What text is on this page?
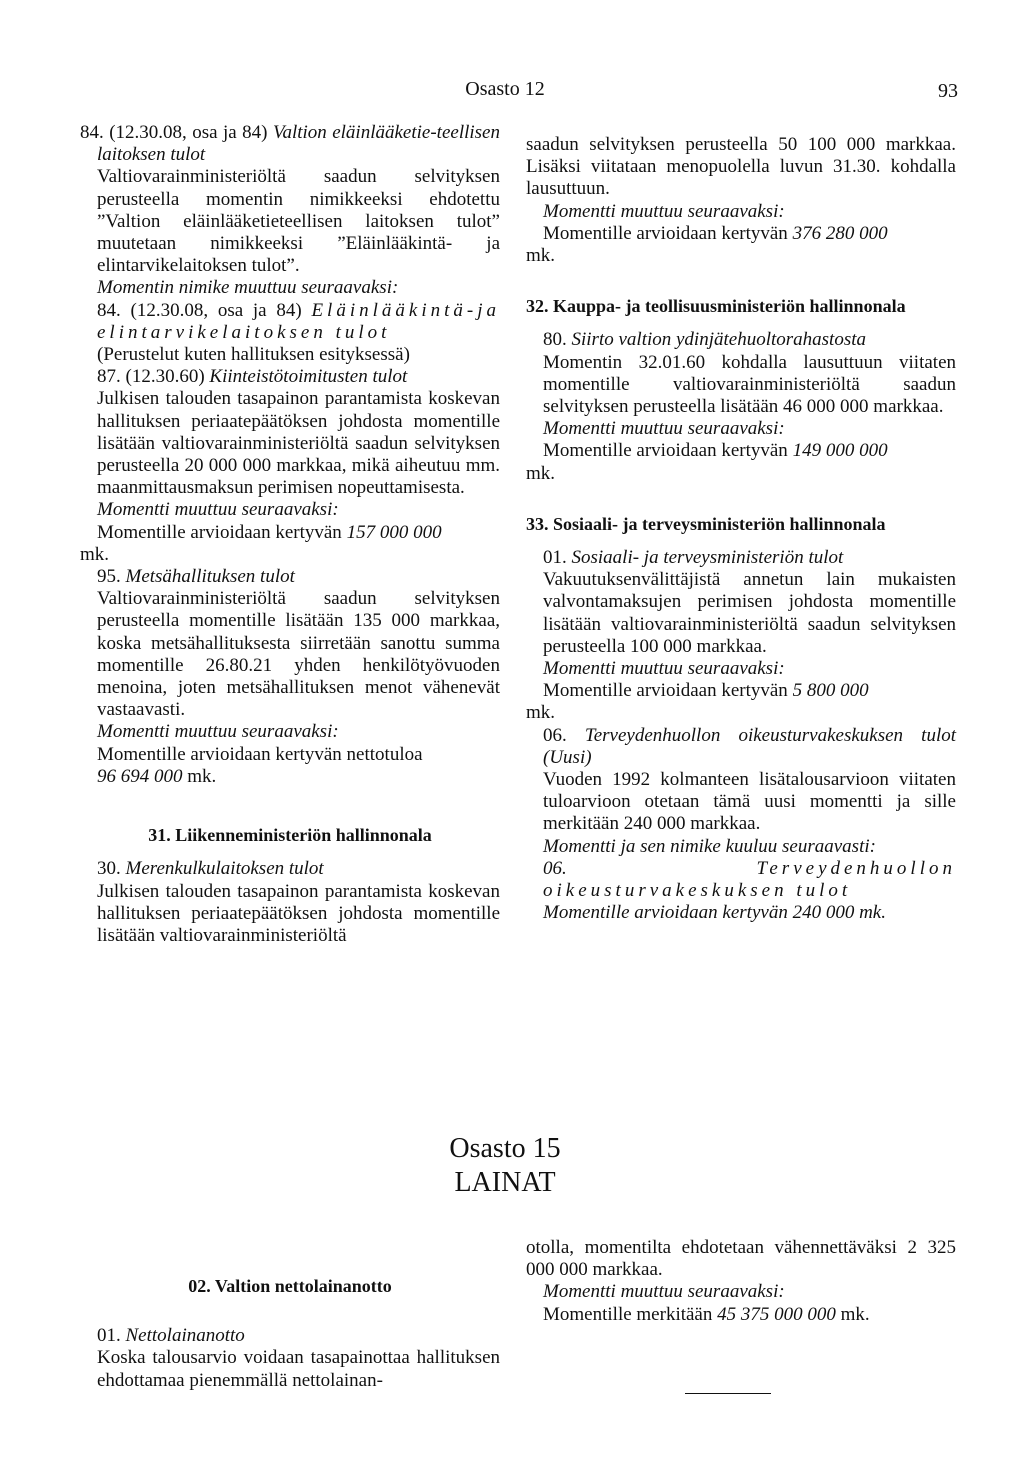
Osasto 12	93

84. (12.30.08, osa ja 84) Valtion eläinlääketie-teellisen laitoksen tulot

Valtiovarainministeriöltä saadun selvityksen perusteella momentin nimikkeeksi ehdotettu ”Valtion eläinlääketieteellisen laitoksen tulot” muutetaan nimikkeeksi ”Eläinlääkintä- ja elintarvikelaitoksen tulot”.

Momentin nimike muuttuu seuraavaksi:

84. (12.30.08, osa ja 84) Eläinlääkintä-ja elintarvikelaitoksen tulot

(Perustelut kuten hallituksen esityksessä)

87. (12.30.60) Kiinteistötoimitusten tulot

Julkisen talouden tasapainon parantamista koskevan hallituksen periaatepäätöksen johdosta momentille lisätään valtiovarainministeriöltä saadun selvityksen perusteella 20 000 000 markkaa, mikä aiheutuu mm. maanmittausmaksun perimisen nopeuttamisesta.

Momentti muuttuu seuraavaksi:

Momentille arvioidaan kertyvän 157 000 000

mk.

95. Metsähallituksen tulot

Valtiovarainministeriöltä saadun selvityksen perusteella momentille lisätään 135 000 markkaa, koska metsähallituksesta siirretään sanottu summa momentille 26.80.21 yhden henkilötyövuoden menoina, joten metsähallituksen menot vähenevät vastaavasti.

Momentti muuttuu seuraavaksi:

Momentille arvioidaan kertyvän nettotuloa

96 694 000 mk.

31. Liikenneministeriön hallinnonala

30. Merenkulkulaitoksen tulot

Julkisen talouden tasapainon parantamista koskevan hallituksen periaatepäätöksen johdosta momentille lisätään valtiovarainministeriöltä

saadun selvityksen perusteella 50 100 000 markkaa. Lisäksi viitataan menopuolella luvun 31.30. kohdalla lausuttuun.

Momentti muuttuu seuraavaksi:

Momentille arvioidaan kertyvän 376 280 000

mk.

32. Kauppa- ja teollisuusministeriön hallinnonala

80. Siirto valtion ydinjätehuoltorahastosta

Momentin 32.01.60 kohdalla lausuttuun viitaten momentille valtiovarainministeriöltä saadun selvityksen perusteella lisätään 46 000 000 markkaa.

Momentti muuttuu seuraavaksi:

Momentille arvioidaan kertyvän 149 000 000

mk.

33. Sosiaali- ja terveysministeriön hallinnonala

01. Sosiaali- ja terveysministeriön tulot

Vakuutuksenvälittäjistä annetun lain mukaisten valvontamaksujen perimisen johdosta momentille lisätään valtiovarainministeriöltä saadun selvityksen perusteella 100 000 markkaa.

Momentti muuttuu seuraavaksi:

Momentille arvioidaan kertyvän 5 800 000

mk.

06. Terveydenhuollon oikeusturvakeskuksen tulot (Uusi)

Vuoden 1992 kolmanteen lisätalousarvioon viitaten tuloarvioon otetaan tämä uusi momentti ja sille merkitään 240 000 markkaa.

Momentti ja sen nimike kuuluu seuraavasti:

06. Terveydenhuollon oikeusturvakeskuksen tulot

Momentille arvioidaan kertyvän 240 000 mk.

Osasto 15
LAINAT

02. Valtion nettolainanotto

01. Nettolainanotto

Koska talousarvio voidaan tasapainottaa hallituksen ehdottamaa pienemmällä nettolainan-

otolla, momentilta ehdotetaan vähennettäväksi 2 325 000 000 markkaa.

Momentti muuttuu seuraavaksi:

Momentille merkitään 45 375 000 000 mk.
